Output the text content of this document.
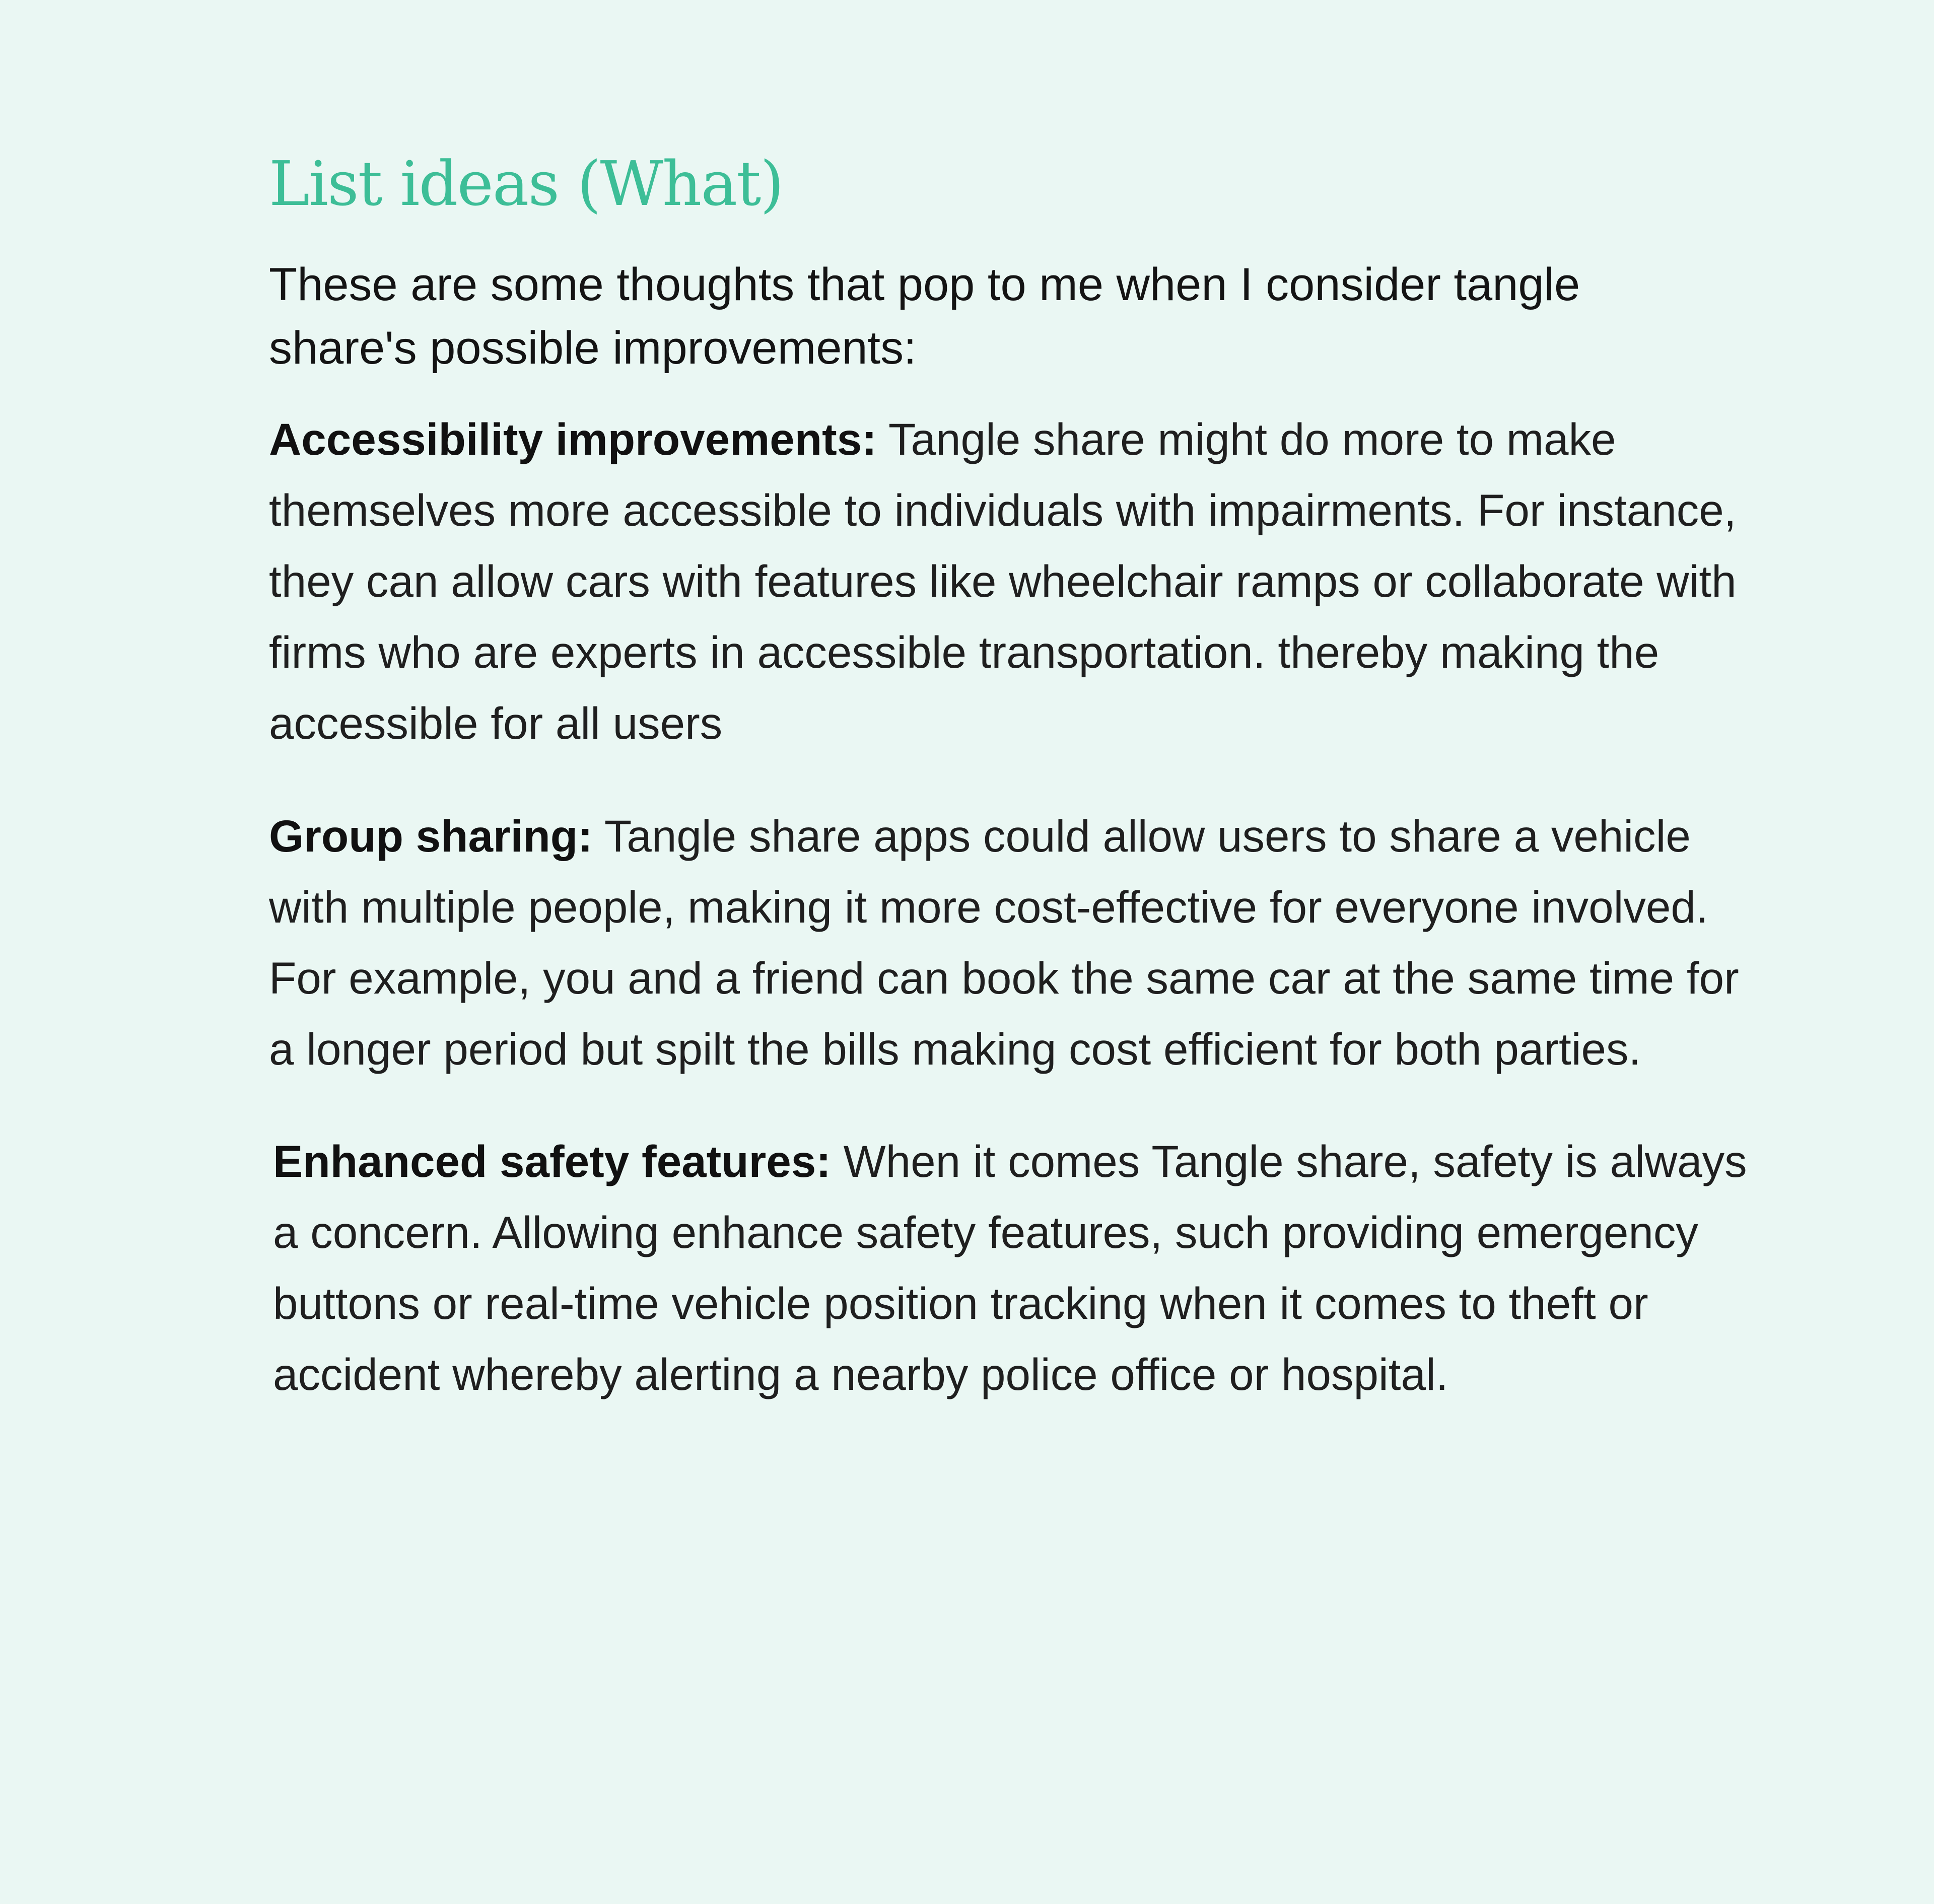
List ideas (What)

These are some thoughts that pop to me when I consider tangle share's possible improvements:

Accessibility improvements: Tangle share might do more to make themselves more accessible to individuals with impairments. For instance, they can allow cars with features like wheelchair ramps or collaborate with firms who are experts in accessible transportation. thereby making the accessible for all users

Group sharing: Tangle share apps could allow users to share a vehicle with multiple people, making it more cost-effective for everyone involved. For example, you and a friend can book the same car at the same time for a longer period but spilt the bills making cost efficient for both parties.

Enhanced safety features: When it comes Tangle share, safety is always a concern. Allowing enhance safety features, such providing emergency buttons or real-time vehicle position tracking when it comes to theft or accident whereby alerting a nearby police office or hospital.
